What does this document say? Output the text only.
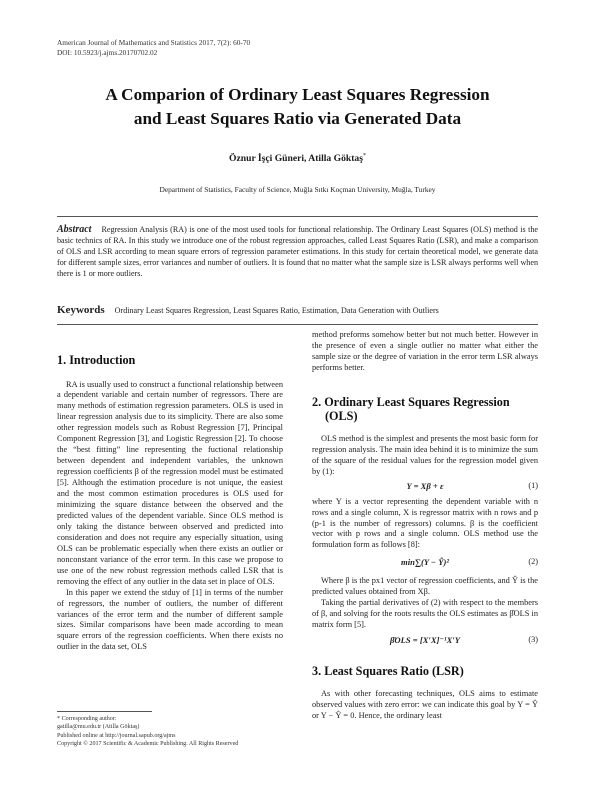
American Journal of Mathematics and Statistics 2017, 7(2): 60-70
DOI: 10.5923/j.ajms.20170702.02
A Comparion of Ordinary Least Squares Regression
and Least Squares Ratio via Generated Data
Öznur İşçi Güneri, Atilla Göktaş*
Department of Statistics, Faculty of Science, Muğla Sıtkı Koçman University, Muğla, Turkey
Abstract Regression Analysis (RA) is one of the most used tools for functional relationship. The Ordinary Least Squares (OLS) method is the basic technics of RA. In this study we introduce one of the robust regression approaches, called Least Squares Ratio (LSR), and make a comparison of OLS and LSR according to mean square errors of regression parameter estimations. In this study for certain theoretical model, we generate data for different sample sizes, error variances and number of outliers. It is found that no matter what the sample size is LSR always performs well when there is 1 or more outliers.
Keywords Ordinary Least Squares Regression, Least Squares Ratio, Estimation, Data Generation with Outliers
1. Introduction

RA is usually used to construct a functional relationship between a dependent variable and certain number of regressors. There are many methods of estimation regression parameters. OLS is used in linear regression analysis due to its simplicity. There are also some other regression models such as Robust Regression [7], Principal Component Regression [3], and Logistic Regression [2]. To choose the “best fitting” line representing the fuctional relationship between dependent and independent variables, the unknown regression coefficients β of the regression model must be estimated [5]. Although the estimation procedure is not unique, the easiest and the most common estimation procedures is OLS used for minimizing the square distance between the observed and the predicted values of the dependent variable. Since OLS method is only taking the distance between observed and predicted into consideration and does not require any especially situation, using OLS can be problematic especially when there exists an outlier or nonconstant variance of the error term. In this case we propose to use one of the new robust regression methods called LSR that is removing the effect of any outlier in the data set in place of OLS.

In this paper we extend the stduy of [1] in terms of the number of regressors, the number of outliers, the number of different variances of the error term and the number of different sample sizes. Similar comparisons have been made according to mean square errors of the regression coefficients. When there exists no outlier in the data set, OLS

method preforms somehow better but not much better. However in the presence of even a single outlier no matter what either the sample size or the degree of variation in the error term LSR always performs better.

2. Ordinary Least Squares Regression
(OLS)

OLS method is the simplest and presents the most basic form for regression analysis. The main idea behind it is to minimize the sum of the square of the residual values for the regression model given by (1):

Y = Xβ + ε	(1)

where Y is a vector representing the dependent variable with n rows and a single column, X is regressor matrix with n rows and p (p-1 is the number of regressors) columns. β is the coefficient vector with p rows and a single column. OLS method use the formulation form as follows [8]:

min∑(Y − Ŷ)²	(2)

Where β is the px1 vector of regression coefficients, and Ŷ is the predicted values obtained from Xβ.

Taking the partial derivatives of (2) with respect to the members of β, and solving for the roots results the OLS estimates as β̂OLS in matrix form [5].

β̂OLS = [X′X]⁻¹X′Y	(3)
3. Least Squares Ratio (LSR)

As with other forecasting techniques, OLS aims to estimate observed values with zero error: we can indicate this goal by Y = Ŷ or Y − Ŷ = 0. Hence, the ordinary least

* Corresponding author:
gatilla@mu.edu.tr (Atilla Göktaş)
Published online at http://journal.sapub.org/ajms
Copyright © 2017 Scientific & Academic Publishing. All Rights Reserved
